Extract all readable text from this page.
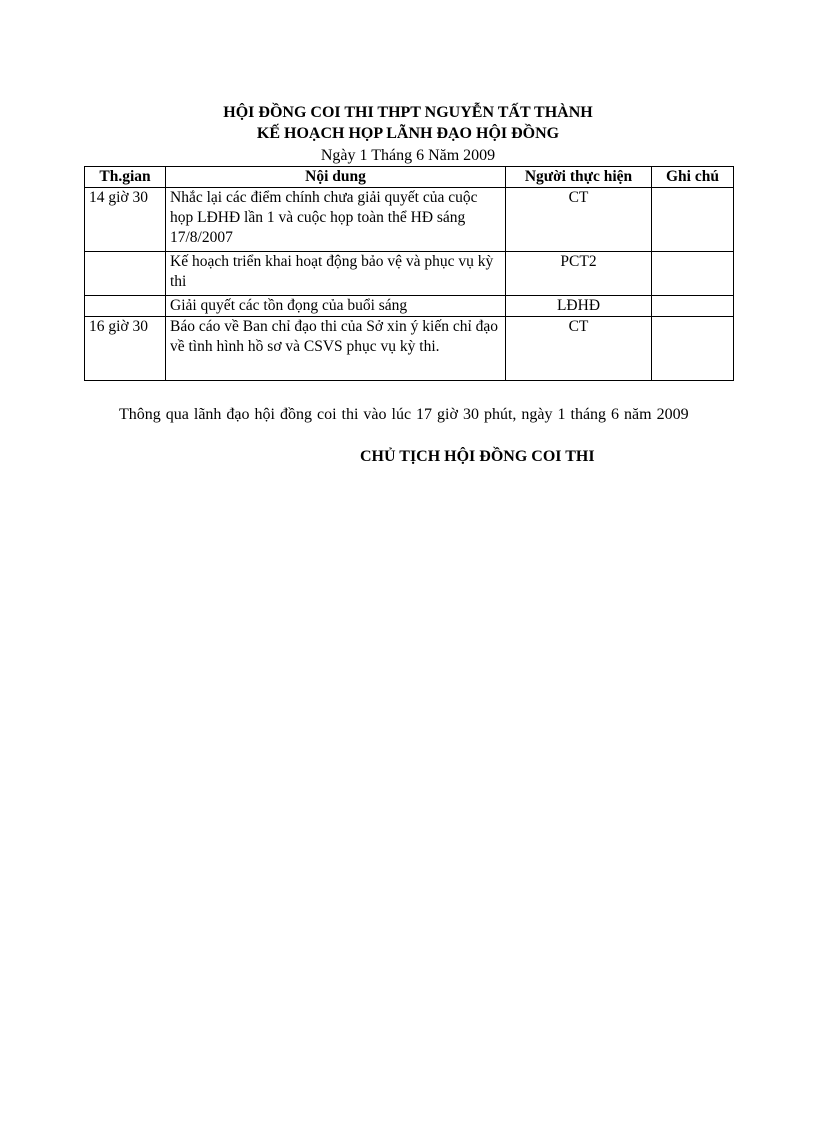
HỘI ĐỒNG COI THI THPT NGUYỄN TẤT THÀNH
KẾ HOẠCH HỌP LÃNH ĐẠO HỘI ĐỒNG
Ngày 1 Tháng 6 Năm 2009
Th.gian	Nội dung	Người thực hiện	Ghi chú
14 giờ 30	Nhắc lại các điểm chính chưa giải quyết của cuộc họp LĐHĐ lần 1 và cuộc họp toàn thể HĐ sáng 17/8/2007	CT	
	Kế hoạch triển khai hoạt động bảo vệ và phục vụ kỳ thi	PCT2	
	Giải quyết các tồn đọng của buổi sáng	LĐHĐ	
16 giờ 30	Báo cáo về Ban chỉ đạo thi của Sở xin ý kiến chỉ đạo về tình hình hồ sơ và CSVS phục vụ kỳ thi.	CT	
Thông qua lãnh đạo hội đồng coi thi vào lúc 17 giờ 30 phút, ngày 1 tháng 6 năm 2009
CHỦ TỊCH HỘI ĐỒNG COI THI
